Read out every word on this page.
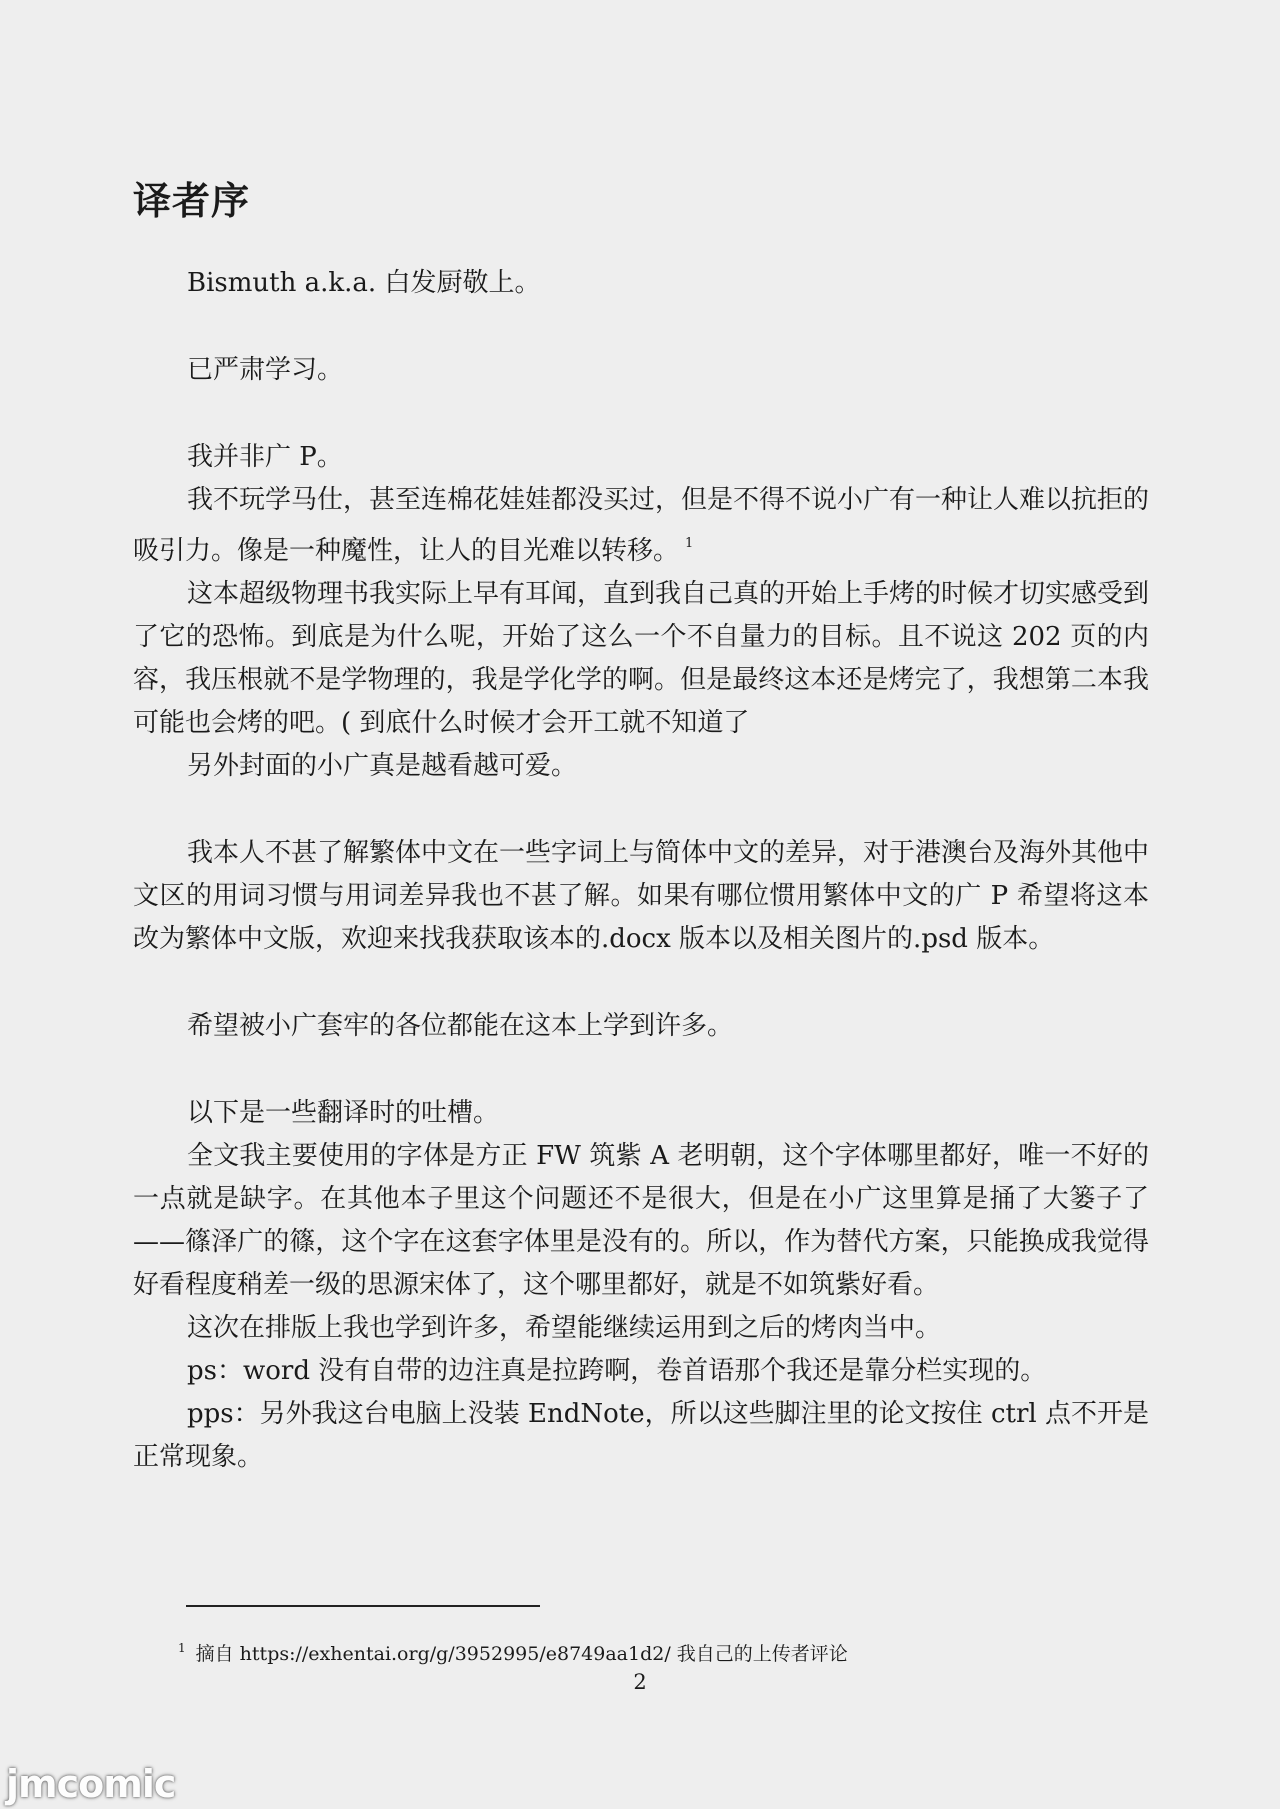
译者序

Bismuth a.k.a. 白发厨敬上。

已严肃学习。

我并非广 P。

我不玩学马仕，甚至连棉花娃娃都没买过，但是不得不说小广有一种让人难以抗拒的吸引力。像是一种魔性，让人的目光难以转移。 $^1$

这本超级物理书我实际上早有耳闻，直到我自己真的开始上手烤的时候才切实感受到了它的恐怖。到底是为什么呢，开始了这么一个不自量力的目标。且不说这 202 页的内容，我压根就不是学物理的，我是学化学的啊。但是最终这本还是烤完了，我想第二本我可能也会烤的吧。( 到底什么时候才会开工就不知道了

另外封面的小广真是越看越可爱。

我本人不甚了解繁体中文在一些字词上与简体中文的差异，对于港澳台及海外其他中文区的用词习惯与用词差异我也不甚了解。如果有哪位惯用繁体中文的广 P 希望将这本改为繁体中文版，欢迎来找我获取该本的.docx 版本以及相关图片的.psd 版本。

希望被小广套牢的各位都能在这本上学到许多。

以下是一些翻译时的吐槽。

全文我主要使用的字体是方正 FW 筑紫 A 老明朝，这个字体哪里都好，唯一不好的一点就是缺字。在其他本子里这个问题还不是很大，但是在小广这里算是捅了大篓子了——篠泽广的篠，这个字在这套字体里是没有的。所以，作为替代方案，只能换成我觉得好看程度稍差一级的思源宋体了，这个哪里都好，就是不如筑紫好看。

这次在排版上我也学到许多，希望能继续运用到之后的烤肉当中。

ps：word 没有自带的边注真是拉跨啊，卷首语那个我还是靠分栏实现的。

pps：另外我这台电脑上没装 EndNote，所以这些脚注里的论文按住 ctrl 点不开是正常现象。

$^1$ 摘自 https://exhentai.org/g/3952995/e8749aa1d2/ 我自己的上传者评论
2
jmcomic
